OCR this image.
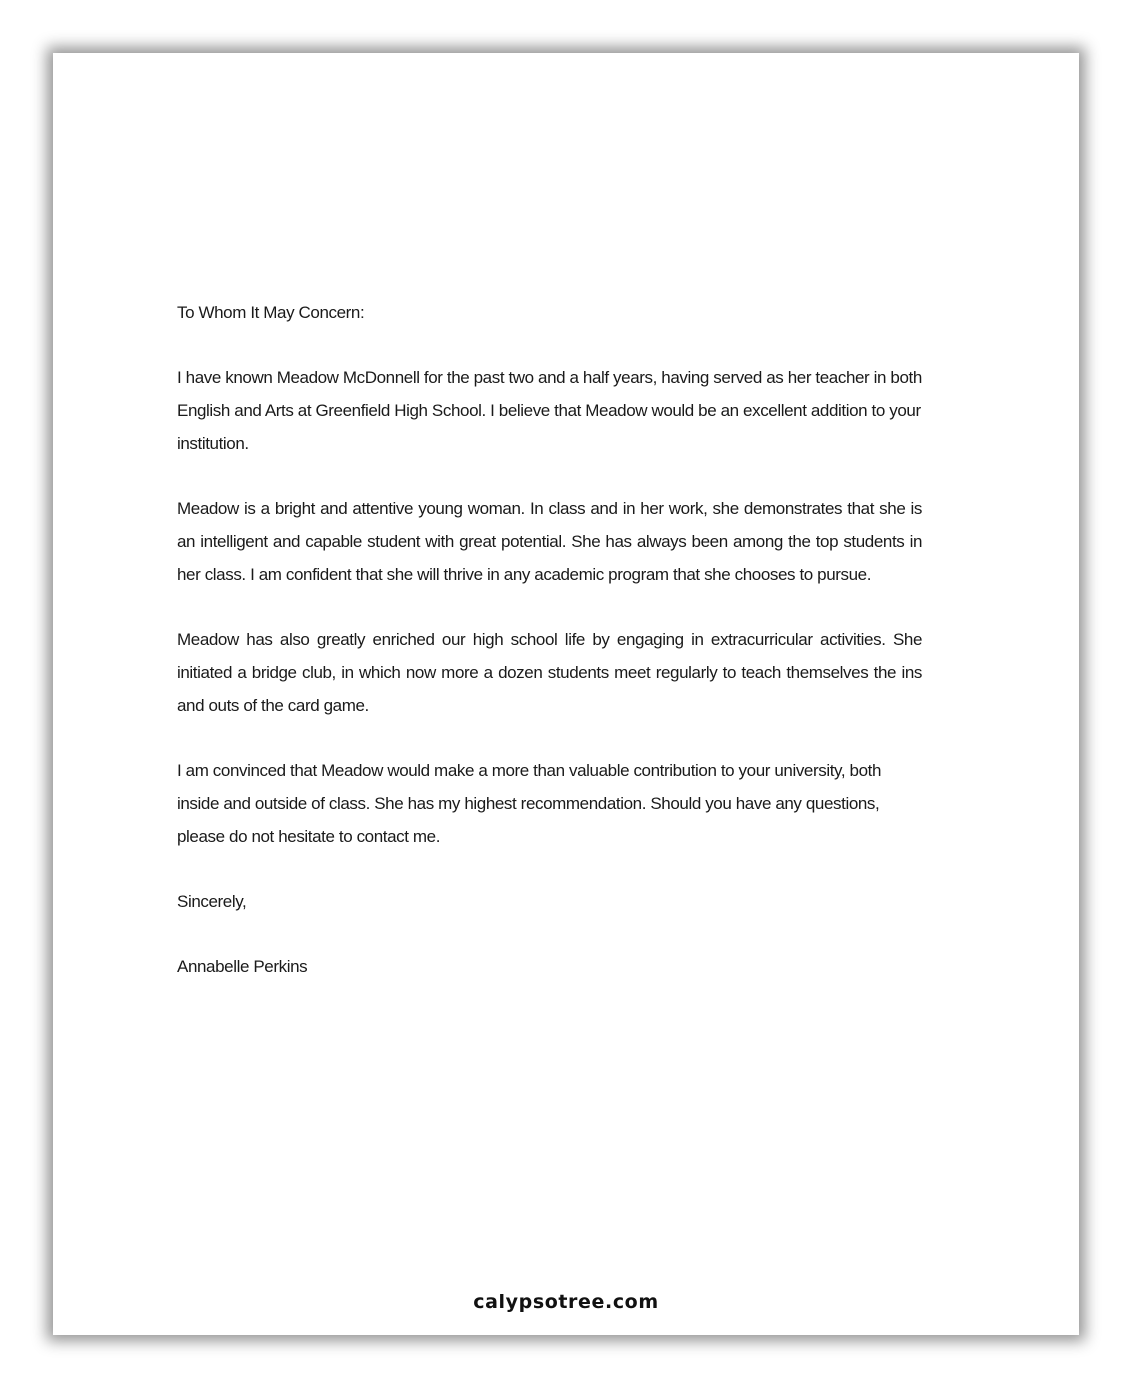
To Whom It May Concern:

I have known Meadow McDonnell for the past two and a half years, having served as her teacher in both English and Arts at Greenfield High School. I believe that Meadow would be an excellent addition to your institution.

Meadow is a bright and attentive young woman. In class and in her work, she demonstrates that she is an intelligent and capable student with great potential. She has always been among the top students in her class. I am confident that she will thrive in any academic program that she chooses to pursue.

Meadow has also greatly enriched our high school life by engaging in extracurricular activities. She initiated a bridge club, in which now more a dozen students meet regularly to teach themselves the ins and outs of the card game.

I am convinced that Meadow would make a more than valuable contribution to your university, both inside and outside of class. She has my highest recommendation. Should you have any questions, please do not hesitate to contact me.

Sincerely,

Annabelle Perkins

calypsotree.com
